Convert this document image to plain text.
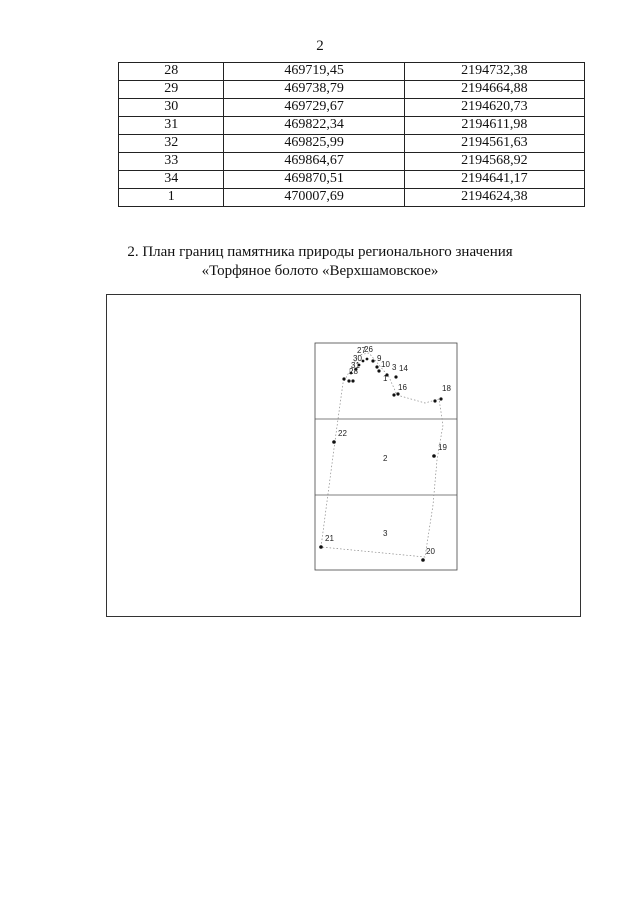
2
28	469719,45	2194732,38
29	469738,79	2194664,88
30	469729,67	2194620,73
31	469822,34	2194611,98
32	469825,99	2194561,63
33	469864,67	2194568,92
34	469870,51	2194641,17
1	470007,69	2194624,38
2. План границ памятника природы регионального значения
«Торфяное болото «Верхшамовское»
27
26
30
31
28
9
10 3
1
14
16	18
22
19
21
20
2
3
